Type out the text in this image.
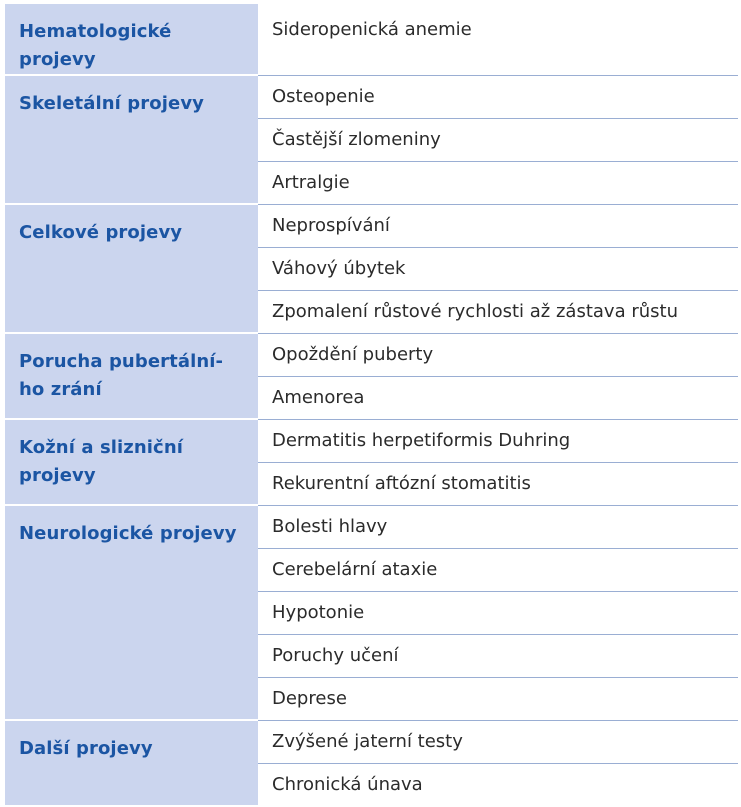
Hematologické projevy	Sideropenická anemie
Skeletální projevy	Osteopenie
	Častější zlomeniny
	Artralgie
Celkové projevy	Neprospívání
	Váhový úbytek
	Zpomalení růstové rychlosti až zástava růstu
Porucha pubertální-ho zrání	Opoždění puberty
	Amenorea
Kožní a slizniční projevy	Dermatitis herpetiformis Duhring
	Rekurentní aftózní stomatitis
Neurologické projevy	Bolesti hlavy
	Cerebelární ataxie
	Hypotonie
	Poruchy učení
	Deprese
Další projevy	Zvýšené jaterní testy
	Chronická únava
